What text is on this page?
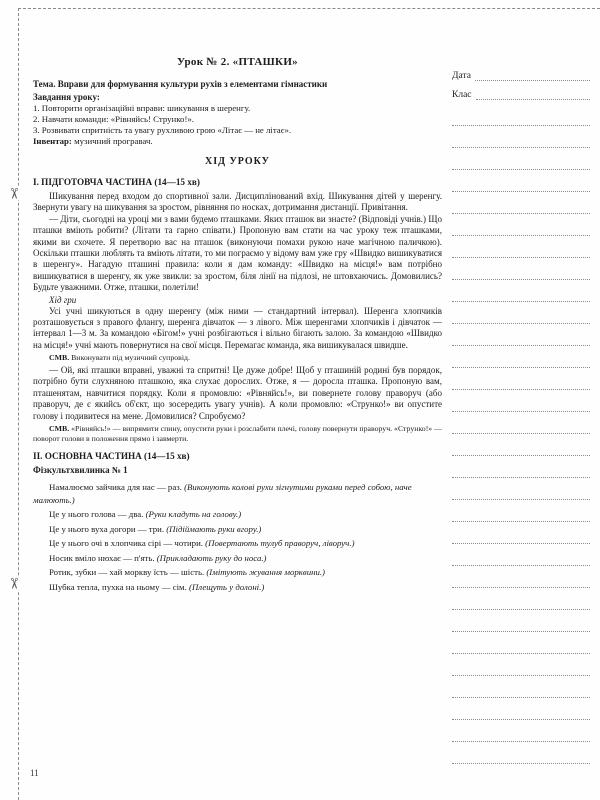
✂
✂
Урок № 2. «ПТАШКИ»
Тема. Вправи для формування культури рухів з елементами гімнастики
Завдання уроку:
1. Повторити організаційні вправи: шикування в шеренгу.
2. Навчати команди: «Рівняйсь! Струнко!».
3. Розвивати спритність та увагу рухливою грою «Літає — не літає».
Інвентар: музичний програвач.
ХІД УРОКУ
І. ПІДГОТОВЧА ЧАСТИНА (14—15 хв)

Шикування перед входом до спортивної зали. Дисциплінований вхід. Шикування дітей у шеренгу. Звернути увагу на шикування за зростом, рівняння по носках, дотримання дистанції. Привітання.

— Діти, сьогодні на уроці ми з вами будемо пташками. Яких пташок ви знаєте? (Відповіді учнів.) Що пташки вміють робити? (Літати та гарно співати.) Пропоную вам стати на час уроку теж пташками, якими ви схочете. Я перетворю вас на пташок (виконуючи помахи рукою наче магічною паличкою). Оскільки пташки люблять та вміють літати, то ми пограємо у відому вам уже гру «Швидко вишикуватися в шеренгу». Нагадую пташині правила: коли я дам команду: «Швидко на місця!» вам потрібно вишикуватися в шеренгу, як уже звикли: за зростом, біля лінії на підлозі, не штовхаючись. Домовились? Будьте уважними. Отже, пташки, полетіли!

Хід гри

Усі учні шикуються в одну шеренгу (між ними — стандартний інтервал). Шеренга хлопчиків розташовується з правого флангу, шеренга дівчаток — з лівого. Між шеренгами хлопчиків і дівчаток — інтервал 1—3 м. За командою «Бігом!» учні розбігаються і вільно бігають залою. За командою «Швидко на місця!» учні мають повернутися на свої місця. Перемагає команда, яка вишикувалася швидше.

СМВ. Виконувати під музичний супровід.

— Ой, які пташки вправні, уважні та спритні! Це дуже добре! Щоб у пташиній родині був порядок, потрібно бути слухняною пташкою, яка слухає дорослих. Отже, я — доросла пташка. Пропоную вам, пташенятам, навчитися порядку. Коли я промовлю: «Рівняйсь!», ви повернете голову праворуч (або праворуч, де є якийсь об'єкт, що зосередить увагу учнів). А коли промовлю: «Струнко!» ви опустите голову і подивитеся на мене. Домовилися? Спробуємо?

СМВ. «Рівняйсь!» — випрямити спину, опустити руки і розслабити плечі, голову повернути праворуч. «Струнко!» — поворот голови в положення прямо і завмерти.

ІІ. ОСНОВНА ЧАСТИНА (14—15 хв)
Фізкультхвилинка № 1
Намалюємо зайчика для нас — раз. (Виконують колові рухи зігнутими руками перед собою, наче малюють.)
Це у нього голова — два. (Руки кладуть на голову.)
Це у нього вуха догори — три. (Підіймають руки вгору.)
Це у нього очі в хлопчика сірі — чотири. (Повертають тулуб праворуч, ліворуч.)
Носик вміло нюхає — п'ять. (Прикладають руку до носа.)
Ротик, зубки — хай моркву їсть — шість. (Імітують жування морквини.)
Шубка тепла, пухка на ньому — сім. (Плещуть у долоні.)
Дата
Клас
11
